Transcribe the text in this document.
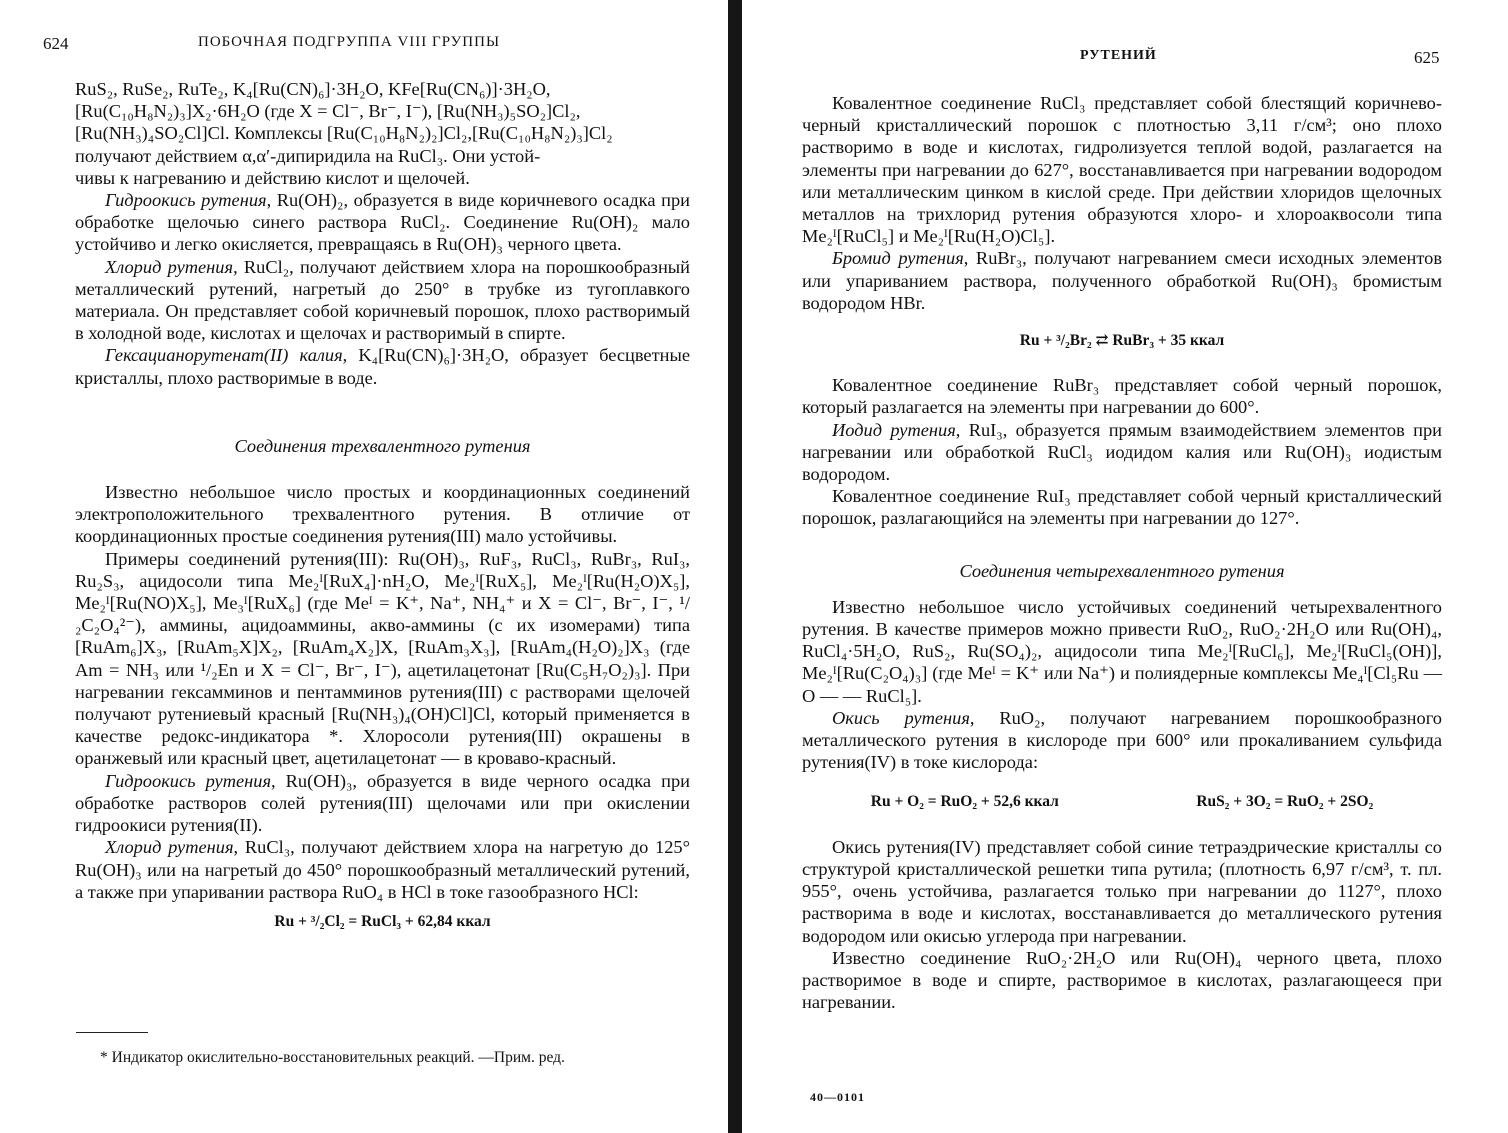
624	ПОБОЧНАЯ ПОДГРУППА VIII ГРУППЫ

RuS₂, RuSe₂, RuTe₂, K₄[Ru(CN)₆]·3H₂O, KFe[Ru(CN₆)]·3H₂O,

[Ru(C₁₀H₈N₂)₃]X₂·6H₂O (где X = Cl⁻, Br⁻, I⁻), [Ru(NH₃)₅SO₂]Cl₂,

[Ru(NH₃)₄SO₂Cl]Cl. Комплексы [Ru(C₁₀H₈N₂)₂]Cl₂,[Ru(C₁₀H₈N₂)₃]Cl₂

получают действием α,α′-дипиридила на RuCl₃. Они устой-

чивы к нагреванию и действию кислот и щелочей.

Гидроокись рутения, Ru(OH)₂, образуется в виде коричневого осадка при обработке щелочью синего раствора RuCl₂. Соединение Ru(OH)₂ мало устойчиво и легко окисляется, превращаясь в Ru(OH)₃ черного цвета.

Хлорид рутения, RuCl₂, получают действием хлора на порошкообразный металлический рутений, нагретый до 250° в трубке из тугоплавкого материала. Он представляет собой коричневый порошок, плохо растворимый в холодной воде, кислотах и щелочах и растворимый в спирте.

Гексацианорутенат(II) калия, K₄[Ru(CN)₆]·3H₂O, образует бесцветные кристаллы, плохо растворимые в воде.

Соединения трехвалентного рутения

Известно небольшое число простых и координационных соединений электроположительного трехвалентного рутения. В отличие от координационных простые соединения рутения(III) мало устойчивы.

Примеры соединений рутения(III): Ru(OH)₃, RuF₃, RuCl₃, RuBr₃, RuI₃, Ru₂S₃, ацидосоли типа Me₂ᴵ[RuX₄]·nH₂O, Me₂ᴵ[RuX₅], Me₂ᴵ[Ru(H₂O)X₅], Me₂ᴵ[Ru(NO)X₅], Me₃ᴵ[RuX₆] (где Meᴵ = K⁺, Na⁺, NH₄⁺ и X = Cl⁻, Br⁻, I⁻, ¹/₂C₂O₄²⁻), аммины, ацидоаммины, акво-аммины (с их изомерами) типа [RuAm₆]X₃, [RuAm₅X]X₂, [RuAm₄X₂]X, [RuAm₃X₃], [RuAm₄(H₂O)₂]X₃ (где Am = NH₃ или ¹/₂En и X = Cl⁻, Br⁻, I⁻), ацетилацетонат [Ru(C₅H₇O₂)₃]. При нагревании гексамминов и пентамминов рутения(III) с растворами щелочей получают рутениевый красный [Ru(NH₃)₄(OH)Cl]Cl, который применяется в качестве редокс-индикатора *. Хлоросоли рутения(III) окрашены в оранжевый или красный цвет, ацетилацетонат — в кроваво-красный.

Гидроокись рутения, Ru(OH)₃, образуется в виде черного осадка при обработке растворов солей рутения(III) щелочами или при окислении гидроокиси рутения(II).

Хлорид рутения, RuCl₃, получают действием хлора на нагретую до 125° Ru(OH)₃ или на нагретый до 450° порошкообразный металлический рутений, а также при упаривании раствора RuO₄ в HCl в токе газообразного HCl:

Ru + ³/₂Cl₂ = RuCl₃ + 62,84 ккал

* Индикатор окислительно-восстановительных реакций. —Прим. ред.
РУТЕНИЙ	625

Ковалентное соединение RuCl₃ представляет собой блестящий коричнево-черный кристаллический порошок с плотностью 3,11 г/см³; оно плохо растворимо в воде и кислотах, гидролизуется теплой водой, разлагается на элементы при нагревании до 627°, восстанавливается при нагревании водородом или металлическим цинком в кислой среде. При действии хлоридов щелочных металлов на трихлорид рутения образуются хлоро- и хлороаквосоли типа Me₂ᴵ[RuCl₅] и Me₂ᴵ[Ru(H₂O)Cl₅].

Бромид рутения, RuBr₃, получают нагреванием смеси исходных элементов или упариванием раствора, полученного обработкой Ru(OH)₃ бромистым водородом HBr.

Ru + ³/₂Br₂ ⇄ RuBr₃ + 35 ккал

Ковалентное соединение RuBr₃ представляет собой черный порошок, который разлагается на элементы при нагревании до 600°.

Иодид рутения, RuI₃, образуется прямым взаимодействием элементов при нагревании или обработкой RuCl₃ иодидом калия или Ru(OH)₃ иодистым водородом.

Ковалентное соединение RuI₃ представляет собой черный кристаллический порошок, разлагающийся на элементы при нагревании до 127°.

Соединения четырехвалентного рутения

Известно небольшое число устойчивых соединений четырехвалентного рутения. В качестве примеров можно привести RuO₂, RuO₂·2H₂O или Ru(OH)₄, RuCl₄·5H₂O, RuS₂, Ru(SO₄)₂, ацидосоли типа Me₂ᴵ[RuCl₆], Me₂ᴵ[RuCl₅(OH)], Me₂ᴵ[Ru(C₂O₄)₃] (где Meᴵ = K⁺ или Na⁺) и полиядерные комплексы Me₄ᴵ[Cl₅Ru — O — — RuCl₅].

Окись рутения, RuO₂, получают нагреванием порошкообразного металлического рутения в кислороде при 600° или прокаливанием сульфида рутения(IV) в токе кислорода:

Ru + O₂ = RuO₂ + 52,6 ккал	RuS₂ + 3O₂ = RuO₂ + 2SO₂

Окись рутения(IV) представляет собой синие тетраэдрические кристаллы со структурой кристаллической решетки типа рутила; (плотность 6,97 г/см³, т. пл. 955°, очень устойчива, разлагается только при нагревании до 1127°, плохо растворима в воде и кислотах, восстанавливается до металлического рутения водородом или окисью углерода при нагревании.

Известно соединение RuO₂·2H₂O или Ru(OH)₄ черного цвета, плохо растворимое в воде и спирте, растворимое в кислотах, разлагающееся при нагревании.

40—0101
